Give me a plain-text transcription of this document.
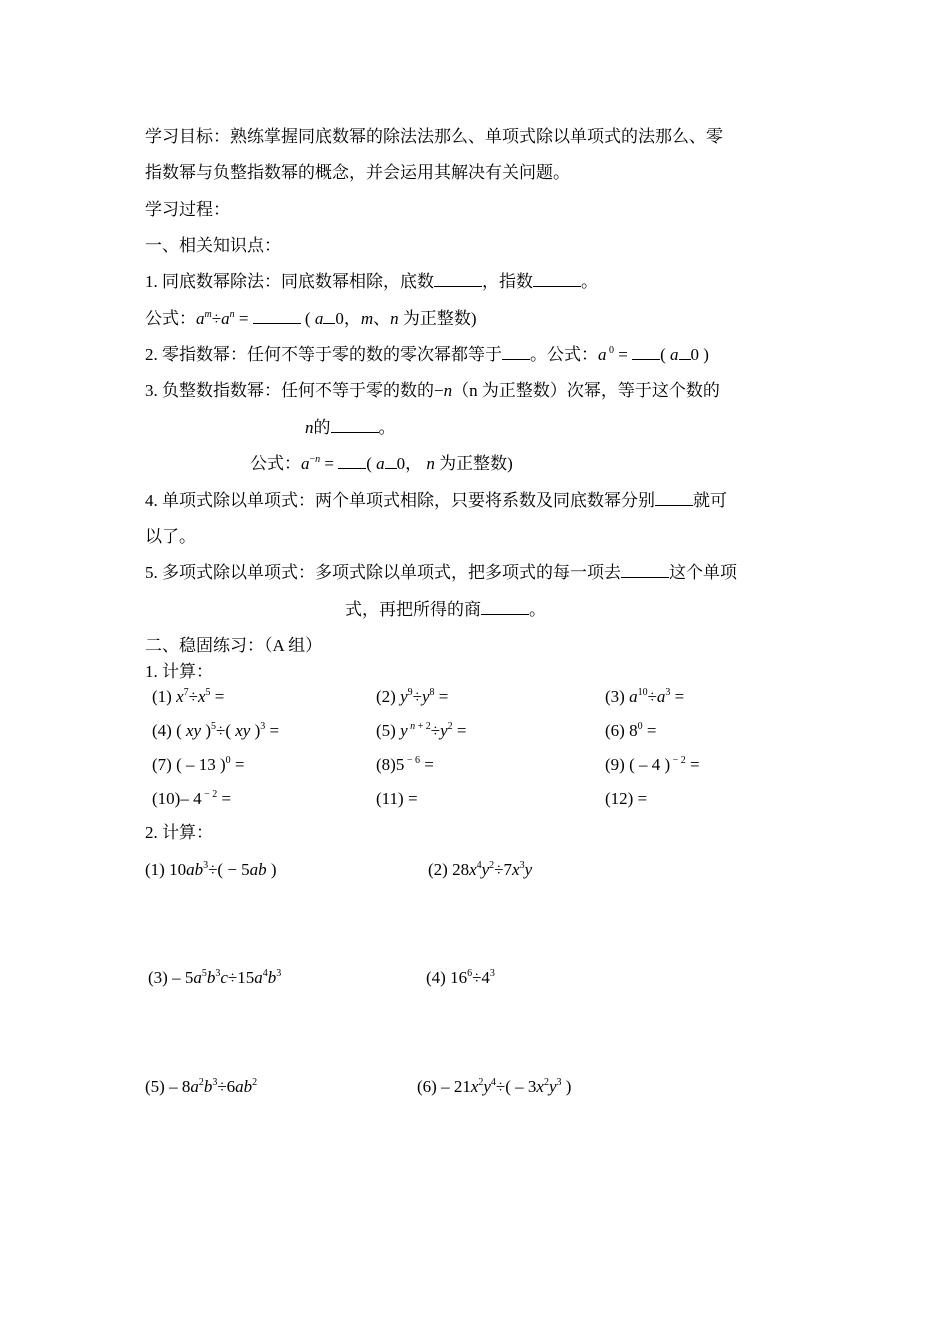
学习目标：熟练掌握同底数幂的除法法那么、单项式除以单项式的法那么、零
指数幂与负整指数幂的概念，并会运用其解决有关问题。
学习过程：
一、相关知识点：
1. 同底数幂除法：同底数幂相除，底数	，指数	。
公式：$a^m\div a^n$ =	( a 0，m、n 为正整数)
2. 零指数幂：任何不等于零的数的零次幂都等于 。公式：a $^0$ = ( a 0 )
3. 负整数指数幂：任何不等于零的数的−n（n 为正整数）次幂，等于这个数的
n的	。
公式：$a^{-n}$ = ( a 0， n 为正整数)
4. 单项式除以单项式：两个单项式相除，只要将系数及同底数幂分别 就可
以了。
5. 多项式除以单项式：多项式除以单项式，把多项式的每一项去	这个单项
式，再把所得的商	。
二、稳固练习：（A 组）
1. 计算：
(1) $x^7\div x^5$ =	(2) $y^9\div y^8$ =	(3) $a^{10}\div a^3$ =
(4) ( xy )$^5$÷( xy )$^3$ =	(5) y $^{n + 2}\div y^2$ =	(6) $8^0$ =
(7) ( – 13 )$^0$ =	(8)5 $^{- 6}$ =	(9) ( – 4 ) $^{- 2}$ =
(10)– 4 $^{- 2}$ =	(11) =	(12) =
2. 计算：
(1) $10ab^3\div( - 5ab$ )	(2) $28x^4y^2\div 7x^3y$
$(3) - 5a^5b^3c\div 15a^4b^3$	(4) $16^6\div 4^3$
$(5) - 8a^2b^3\div 6ab^2$	$(6) - 21x^2y^4\div( - 3x^2y^3$ )
